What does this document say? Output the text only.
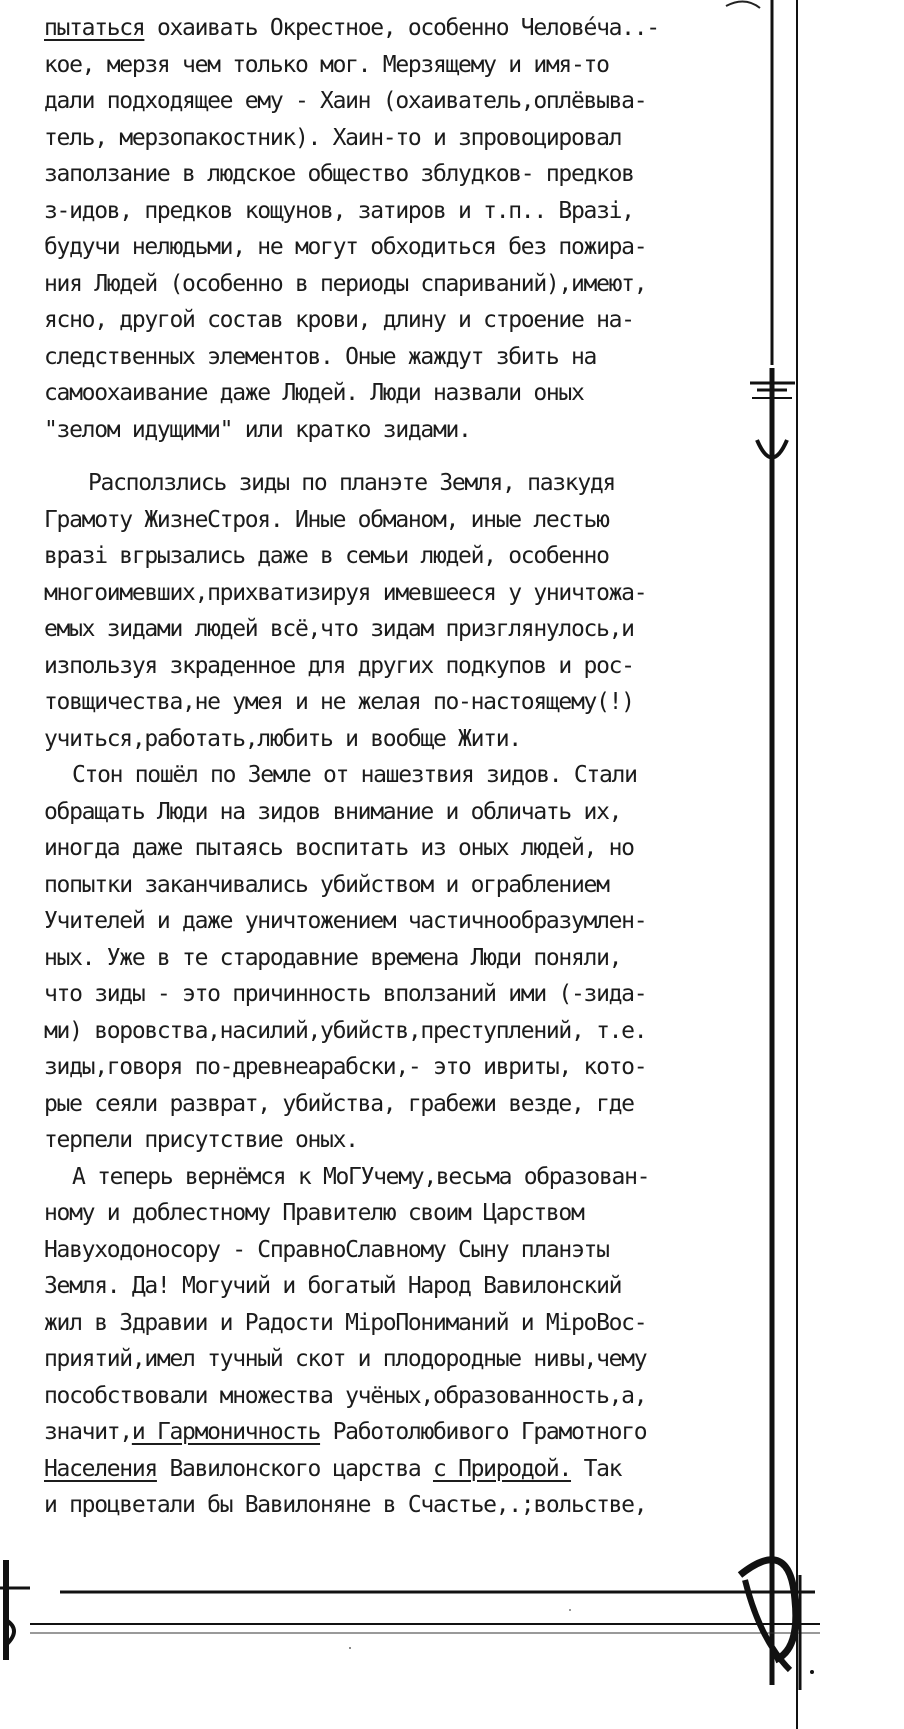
пытаться охаивать Окрестное, особенно Челове́ча..-
кое, мерзя чем только мог. Мерзящему и имя-то
дали подходящее ему - Хаин (охаиватель,оплёвыва-
тель, мерзопакостник). Хаин-то и зпровоцировал
заползание в людское общество зблудков- предков
з-идов, предков кощунов, затиров и т.п.. Вразі,
будучи нелюдьми, не могут обходиться без пожира-
ния Людей (особенно в периоды спариваний),имеют,
ясно, другой состав крови, длину и строение на-
следственных элементов. Оные жаждут збить на
самоохаивание даже Людей. Люди назвали оных
"зелом идущими" или кратко зидами.
Расползлись зиды по планэте Земля, пазкудя
Грамоту ЖизнеСтроя. Иные обманом, иные лестью
вразі вгрызались даже в семьи людей, особенно
многоимевших,прихватизируя имевшееся у уничтожа-
емых зидами людей всё,что зидам призглянулось,и
изпользуя зкраденное для других подкупов и рос-
товщичества,не умея и не желая по-настоящему(!)
учиться,работать,любить и вообще Жити.
Стон пошёл по Земле от нашезтвия зидов. Стали
обращать Люди на зидов внимание и обличать их,
иногда даже пытаясь воспитать из оных людей, но
попытки заканчивались убийством и ограблением
Учителей и даже уничтожением частичнообразумлен-
ных. Уже в те стародавние времена Люди поняли,
что зиды - это причинность вползаний ими (-зида-
ми) воровства,насилий,убийств,преступлений, т.е.
зиды,говоря по-древнеарабски,- это ивриты, кото-
рые сеяли разврат, убийства, грабежи везде, где
терпели присутствие оных.
А теперь вернёмся к МоГУчему,весьма образован-
ному и доблестному Правителю своим Царством
Навуходоносору - СправноСлавному Сыну планэты
Земля. Да! Могучий и богатый Народ Вавилонский
жил в Здравии и Радости МіроПониманий и МіроВос-
приятий,имел тучный скот и плодородные нивы,чему
пособствовали множества учёных,образованность,а,
значит,и Гармоничность Работолюбивого Грамотного
Населения Вавилонского царства с Природой. Так
и процветали бы Вавилоняне в Счастье,.;вольстве,
